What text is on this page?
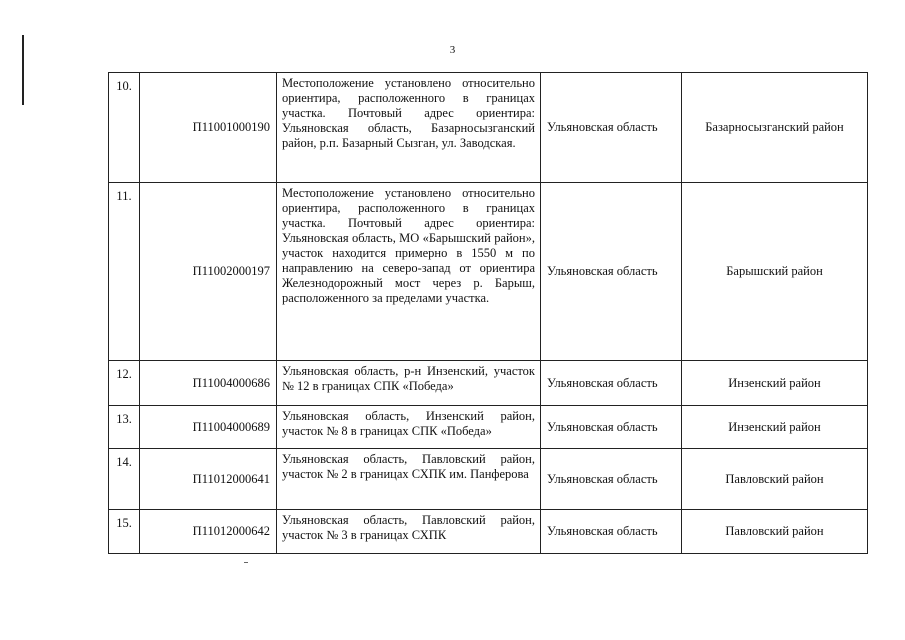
3
10.	П11001000190	Местоположение установлено относительно ориентира, расположенного в границах участка. Почтовый адрес ориентира: Ульяновская область, Базарносызганский район, р.п. Базарный Сызган, ул. Заводская.	Ульяновская область	Базарносызганский район
11.	П11002000197	Местоположение установлено относительно ориентира, расположенного в границах участка. Почтовый адрес ориентира: Ульяновская область, МО «Барышский район», участок находится примерно в 1550 м по направлению на северо-запад от ориентира Железнодорожный мост через р. Барыш, расположенного за пределами участка.	Ульяновская область	Барышский район
12.	П11004000686	Ульяновская область, р-н Инзенский, участок № 12 в границах СПК «Победа»	Ульяновская область	Инзенский район
13.	П11004000689	Ульяновская область, Инзенский район, участок № 8 в границах СПК «Победа»	Ульяновская область	Инзенский район
14.	П11012000641	Ульяновская область, Павловский район, участок № 2 в границах СХПК им. Панферова	Ульяновская область	Павловский район
15.	П11012000642	Ульяновская область, Павловский район, участок № 3 в границах СХПК	Ульяновская область	Павловский район
